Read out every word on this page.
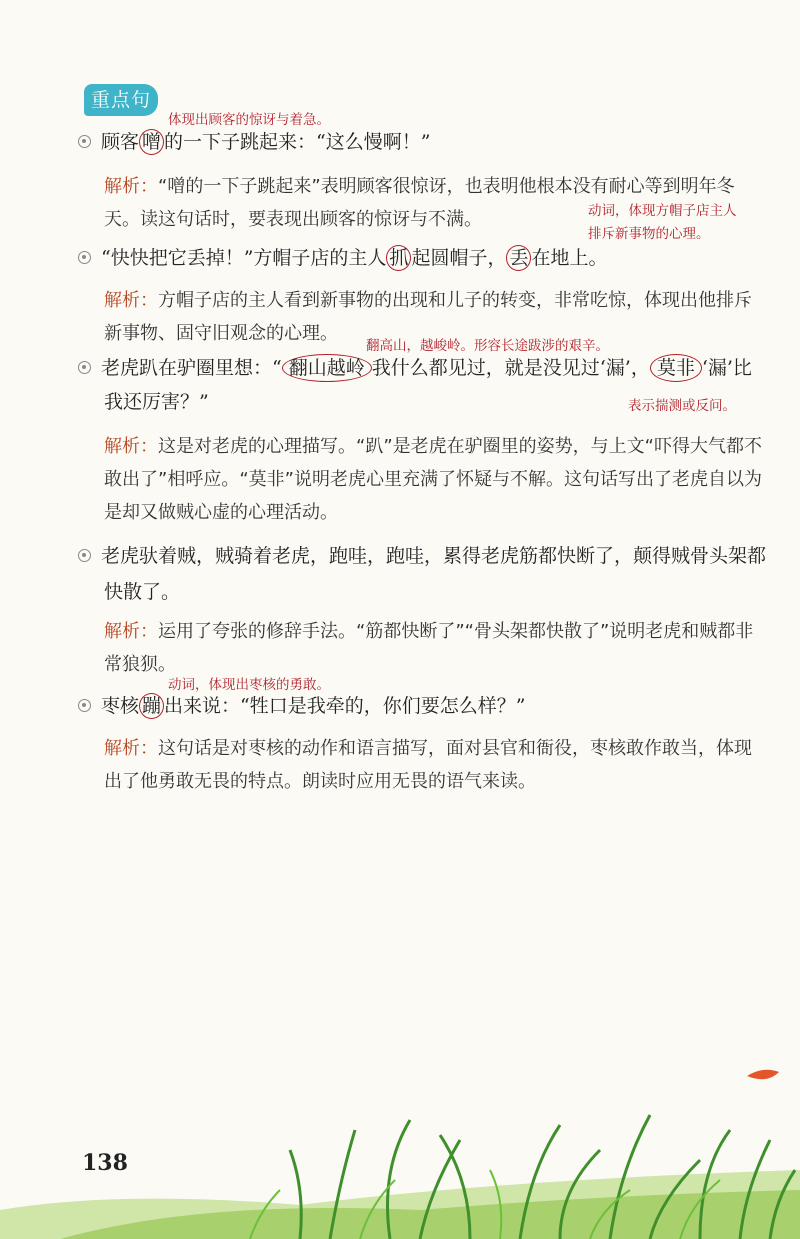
重点句
体现出顾客的惊讶与着急。
顾客 噌 的一下子跳起来：“这么慢啊！”
解析：“噌的一下子跳起来”表明顾客很惊讶，也表明他根本没有耐心等到明年冬天。读这句话时，要表现出顾客的惊讶与不满。	动词，体现方帽子店主人
排斥新事物的心理。
“快快把它丢掉！”方帽子店的主人 抓 起圆帽子， 丢 在地上。
解析：方帽子店的主人看到新事物的出现和儿子的转变，非常吃惊，体现出他排斥新事物、固守旧观念的心理。
翻高山，越峻岭。形容长途跋涉的艰辛。
老虎趴在驴圈里想：“ 翻山越岭 我什么都见过，就是没见过‘漏’， 莫非 ‘漏’比
我还厉害？”	表示揣测或反问。
解析：这是对老虎的心理描写。“趴”是老虎在驴圈里的姿势，与上文“吓得大气都不敢出了”相呼应。“莫非”说明老虎心里充满了怀疑与不解。这句话写出了老虎自以为是却又做贼心虚的心理活动。
老虎驮着贼，贼骑着老虎，跑哇，跑哇，累得老虎筋都快断了，颠得贼骨头架都
快散了。
解析：运用了夸张的修辞手法。“筋都快断了”“骨头架都快散了”说明老虎和贼都非常狼狈。
动词，体现出枣核的勇敢。
枣核 蹦 出来说：“牲口是我牵的，你们要怎么样？”
解析：这句话是对枣核的动作和语言描写，面对县官和衙役，枣核敢作敢当，体现出了他勇敢无畏的特点。朗读时应用无畏的语气来读。
138
